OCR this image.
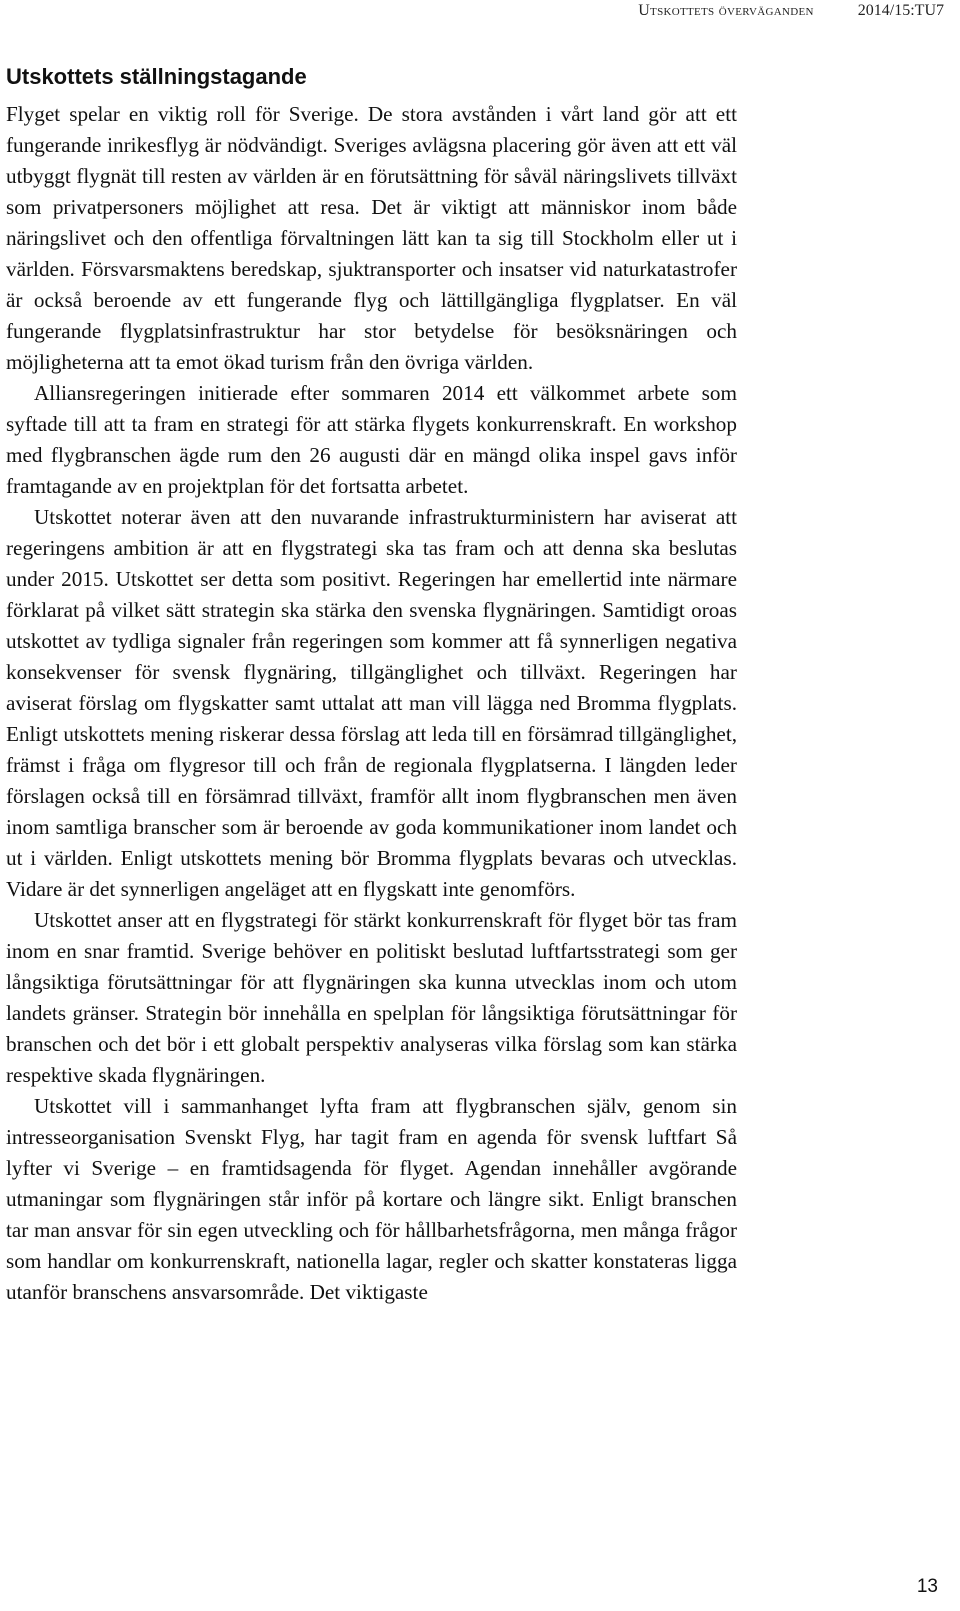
Utskottets överväganden	2014/15:TU7
Utskottets ställningstagande

Flyget spelar en viktig roll för Sverige. De stora avstånden i vårt land gör att ett fungerande inrikesflyg är nödvändigt. Sveriges avlägsna placering gör även att ett väl utbyggt flygnät till resten av världen är en förutsättning för såväl näringslivets tillväxt som privatpersoners möjlighet att resa. Det är viktigt att människor inom både näringslivet och den offentliga förvaltningen lätt kan ta sig till Stockholm eller ut i världen. Försvarsmaktens beredskap, sjuktransporter och insatser vid naturkatastrofer är också beroende av ett fungerande flyg och lättillgängliga flygplatser. En väl fungerande flygplatsinfrastruktur har stor betydelse för besöksnäringen och möjligheterna att ta emot ökad turism från den övriga världen.

Alliansregeringen initierade efter sommaren 2014 ett välkommet arbete som syftade till att ta fram en strategi för att stärka flygets konkurrenskraft. En workshop med flygbranschen ägde rum den 26 augusti där en mängd olika inspel gavs inför framtagande av en projektplan för det fortsatta arbetet.

Utskottet noterar även att den nuvarande infrastrukturministern har aviserat att regeringens ambition är att en flygstrategi ska tas fram och att denna ska beslutas under 2015. Utskottet ser detta som positivt. Regeringen har emellertid inte närmare förklarat på vilket sätt strategin ska stärka den svenska flygnäringen. Samtidigt oroas utskottet av tydliga signaler från regeringen som kommer att få synnerligen negativa konsekvenser för svensk flygnäring, tillgänglighet och tillväxt. Regeringen har aviserat förslag om flygskatter samt uttalat att man vill lägga ned Bromma flygplats. Enligt utskottets mening riskerar dessa förslag att leda till en försämrad tillgänglighet, främst i fråga om flygresor till och från de regionala flygplatserna. I längden leder förslagen också till en försämrad tillväxt, framför allt inom flygbranschen men även inom samtliga branscher som är beroende av goda kommunikationer inom landet och ut i världen. Enligt utskottets mening bör Bromma flygplats bevaras och utvecklas. Vidare är det synnerligen angeläget att en flygskatt inte genomförs.

Utskottet anser att en flygstrategi för stärkt konkurrenskraft för flyget bör tas fram inom en snar framtid. Sverige behöver en politiskt beslutad luftfartsstrategi som ger långsiktiga förutsättningar för att flygnäringen ska kunna utvecklas inom och utom landets gränser. Strategin bör innehålla en spelplan för långsiktiga förutsättningar för branschen och det bör i ett globalt perspektiv analyseras vilka förslag som kan stärka respektive skada flygnäringen.

Utskottet vill i sammanhanget lyfta fram att flygbranschen själv, genom sin intresseorganisation Svenskt Flyg, har tagit fram en agenda för svensk luftfart Så lyfter vi Sverige – en framtidsagenda för flyget. Agendan innehåller avgörande utmaningar som flygnäringen står inför på kortare och längre sikt. Enligt branschen tar man ansvar för sin egen utveckling och för hållbarhetsfrågorna, men många frågor som handlar om konkurrenskraft, nationella lagar, regler och skatter konstateras ligga utanför branschens ansvarsområde. Det viktigaste

13
